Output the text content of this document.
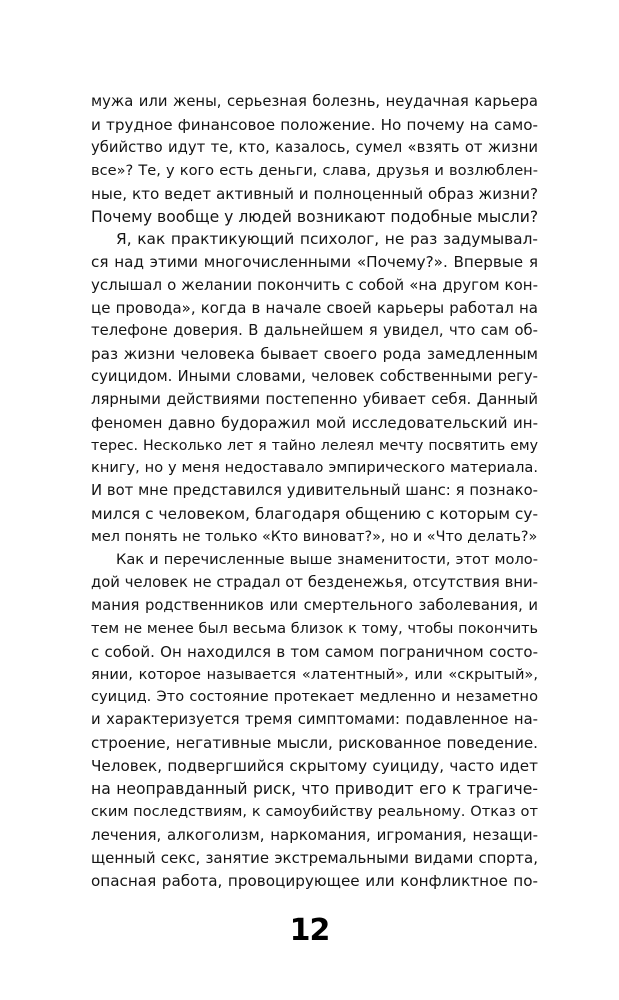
мужа или жены, серьезная болезнь, неудачная карьера
и трудное финансовое положение. Но почему на само-
убийство идут те, кто, казалось, сумел «взять от жизни
все»? Те, у кого есть деньги, слава, друзья и возлюблен-
ные, кто ведет активный и полноценный образ жизни?
Почему вообще у людей возникают подобные мысли?
Я, как практикующий психолог, не раз задумывал-
ся над этими многочисленными «Почему?». Впервые я
услышал о желании покончить с собой «на другом кон-
це провода», когда в начале своей карьеры работал на
телефоне доверия. В дальнейшем я увидел, что сам об-
раз жизни человека бывает своего рода замедленным
суицидом. Иными словами, человек собственными регу-
лярными действиями постепенно убивает себя. Данный
феномен давно будоражил мой исследовательский ин-
терес. Несколько лет я тайно лелеял мечту посвятить ему
книгу, но у меня недоставало эмпирического материала.
И вот мне представился удивительный шанс: я познако-
мился с человеком, благодаря общению с которым су-
мел понять не только «Кто виноват?», но и «Что делать?»
Как и перечисленные выше знаменитости, этот моло-
дой человек не страдал от безденежья, отсутствия вни-
мания родственников или смертельного заболевания, и
тем не менее был весьма близок к тому, чтобы покончить
с собой. Он находился в том самом пограничном состо-
янии, которое называется «латентный», или «скрытый»,
суицид. Это состояние протекает медленно и незаметно
и характеризуется тремя симптомами: подавленное на-
строение, негативные мысли, рискованное поведение.
Человек, подвергшийся скрытому суициду, часто идет
на неоправданный риск, что приводит его к трагиче-
ским последствиям, к самоубийству реальному. Отказ от
лечения, алкоголизм, наркомания, игромания, незащи-
щенный секс, занятие экстремальными видами спорта,
опасная работа, провоцирующее или конфликтное по-
12
